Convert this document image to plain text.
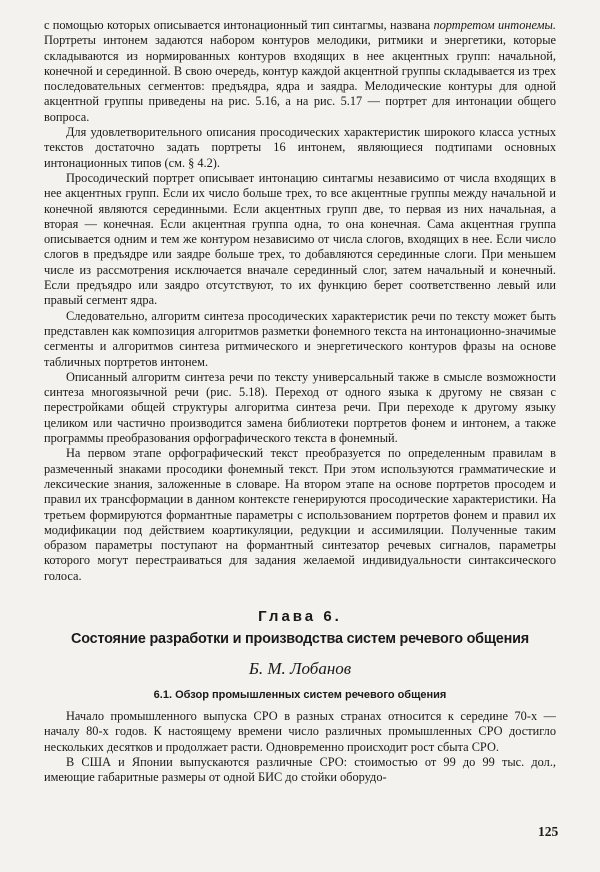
с помощью которых описывается интонационный тип синтагмы, названа портретом интонемы. Портреты интонем задаются набором контуров мелодики, ритмики и энергетики, которые складываются из нормированных контуров входящих в нее акцентных групп: начальной, конечной и серединной. В свою очередь, контур каждой акцентной группы складывается из трех последовательных сегментов: предъядра, ядра и заядра. Мелодические контуры для одной акцентной группы приведены на рис. 5.16, а на рис. 5.17 — портрет для интонации общего вопроса.

Для удовлетворительного описания просодических характеристик широкого класса устных текстов достаточно задать портреты 16 интонем, являющиеся подтипами основных интонационных типов (см. § 4.2).

Просодический портрет описывает интонацию синтагмы независимо от числа входящих в нее акцентных групп. Если их число больше трех, то все акцентные группы между начальной и конечной являются серединными. Если акцентных групп две, то первая из них начальная, а вторая — конечная. Если акцентная группа одна, то она конечная. Сама акцентная группа описывается одним и тем же контуром независимо от числа слогов, входящих в нее. Если число слогов в предъядре или заядре больше трех, то добавляются серединные слоги. При меньшем числе из рассмотрения исключается вначале серединный слог, затем начальный и конечный. Если предъядро или заядро отсутствуют, то их функцию берет соответственно левый или правый сегмент ядра.

Следовательно, алгоритм синтеза просодических характеристик речи по тексту может быть представлен как композиция алгоритмов разметки фонемного текста на интонационно-значимые сегменты и алгоритмов синтеза ритмического и энергетического контуров фразы на основе табличных портретов интонем.

Описанный алгоритм синтеза речи по тексту универсальный также в смысле возможности синтеза многоязычной речи (рис. 5.18). Переход от одного языка к другому не связан с перестройками общей структуры алгоритма синтеза речи. При переходе к другому языку целиком или частично производится замена библиотеки портретов фонем и интонем, а также программы преобразования орфографического текста в фонемный.

На первом этапе орфографический текст преобразуется по определенным правилам в размеченный знаками просодики фонемный текст. При этом используются грамматические и лексические знания, заложенные в словаре. На втором этапе на основе портретов просодем и правил их трансформации в данном контексте генерируются просодические характеристики. На третьем формируются формантные параметры с использованием портретов фонем и правил их модификации под действием коартикуляции, редукции и ассимиляции. Полученные таким образом параметры поступают на формантный синтезатор речевых сигналов, параметры которого могут перестраиваться для задания желаемой индивидуальности синтаксического голоса.

Глава 6.
Состояние разработки и производства систем речевого общения
Б. М. Лобанов
6.1. Обзор промышленных систем речевого общения

Начало промышленного выпуска СРО в разных странах относится к середине 70-х — началу 80-х годов. К настоящему времени число различных промышленных СРО достигло нескольких десятков и продолжает расти. Одновременно происходит рост сбыта СРО.

В США и Японии выпускаются различные СРО: стоимостью от 99 до 99 тыс. дол., имеющие габаритные размеры от одной БИС до стойки оборудо-

125
